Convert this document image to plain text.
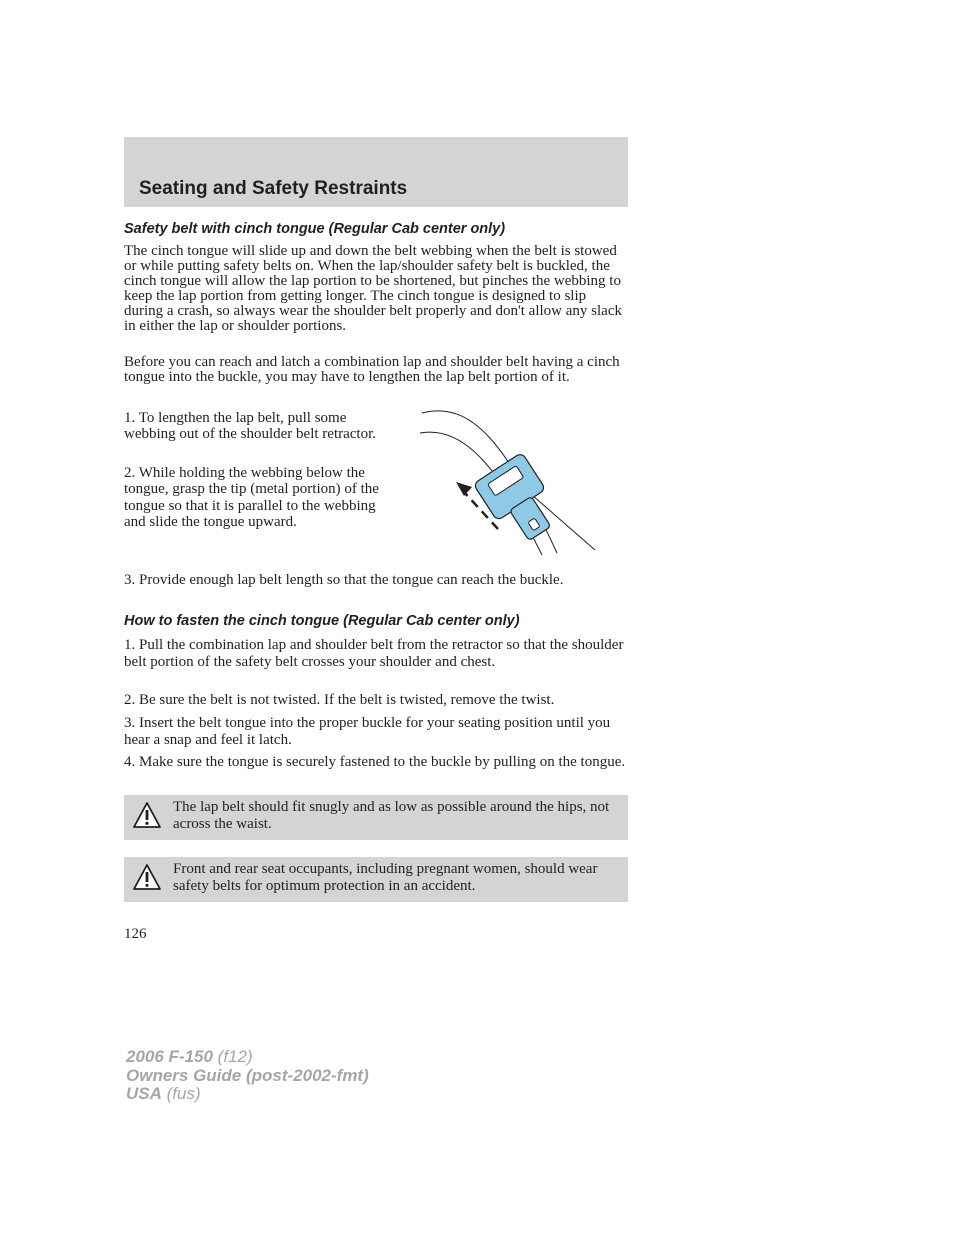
Seating and Safety Restraints
Safety belt with cinch tongue (Regular Cab center only)

The cinch tongue will slide up and down the belt webbing when the belt is stowed or while putting safety belts on. When the lap/shoulder safety belt is buckled, the cinch tongue will allow the lap portion to be shortened, but pinches the webbing to keep the lap portion from getting longer. The cinch tongue is designed to slip during a crash, so always wear the shoulder belt properly and don't allow any slack in either the lap or shoulder portions.

Before you can reach and latch a combination lap and shoulder belt having a cinch tongue into the buckle, you may have to lengthen the lap belt portion of it.

1. To lengthen the lap belt, pull some webbing out of the shoulder belt retractor.

2. While holding the webbing below the tongue, grasp the tip (metal portion) of the tongue so that it is parallel to the webbing and slide the tongue upward.

3. Provide enough lap belt length so that the tongue can reach the buckle.

How to fasten the cinch tongue (Regular Cab center only)

1. Pull the combination lap and shoulder belt from the retractor so that the shoulder belt portion of the safety belt crosses your shoulder and chest.

2. Be sure the belt is not twisted. If the belt is twisted, remove the twist.

3. Insert the belt tongue into the proper buckle for your seating position until you hear a snap and feel it latch.

4. Make sure the tongue is securely fastened to the buckle by pulling on the tongue.

The lap belt should fit snugly and as low as possible around the hips, not across the waist.
Front and rear seat occupants, including pregnant women, should wear safety belts for optimum protection in an accident.
126
2006 F-150 (f12)
Owners Guide (post-2002-fmt)
USA (fus)
